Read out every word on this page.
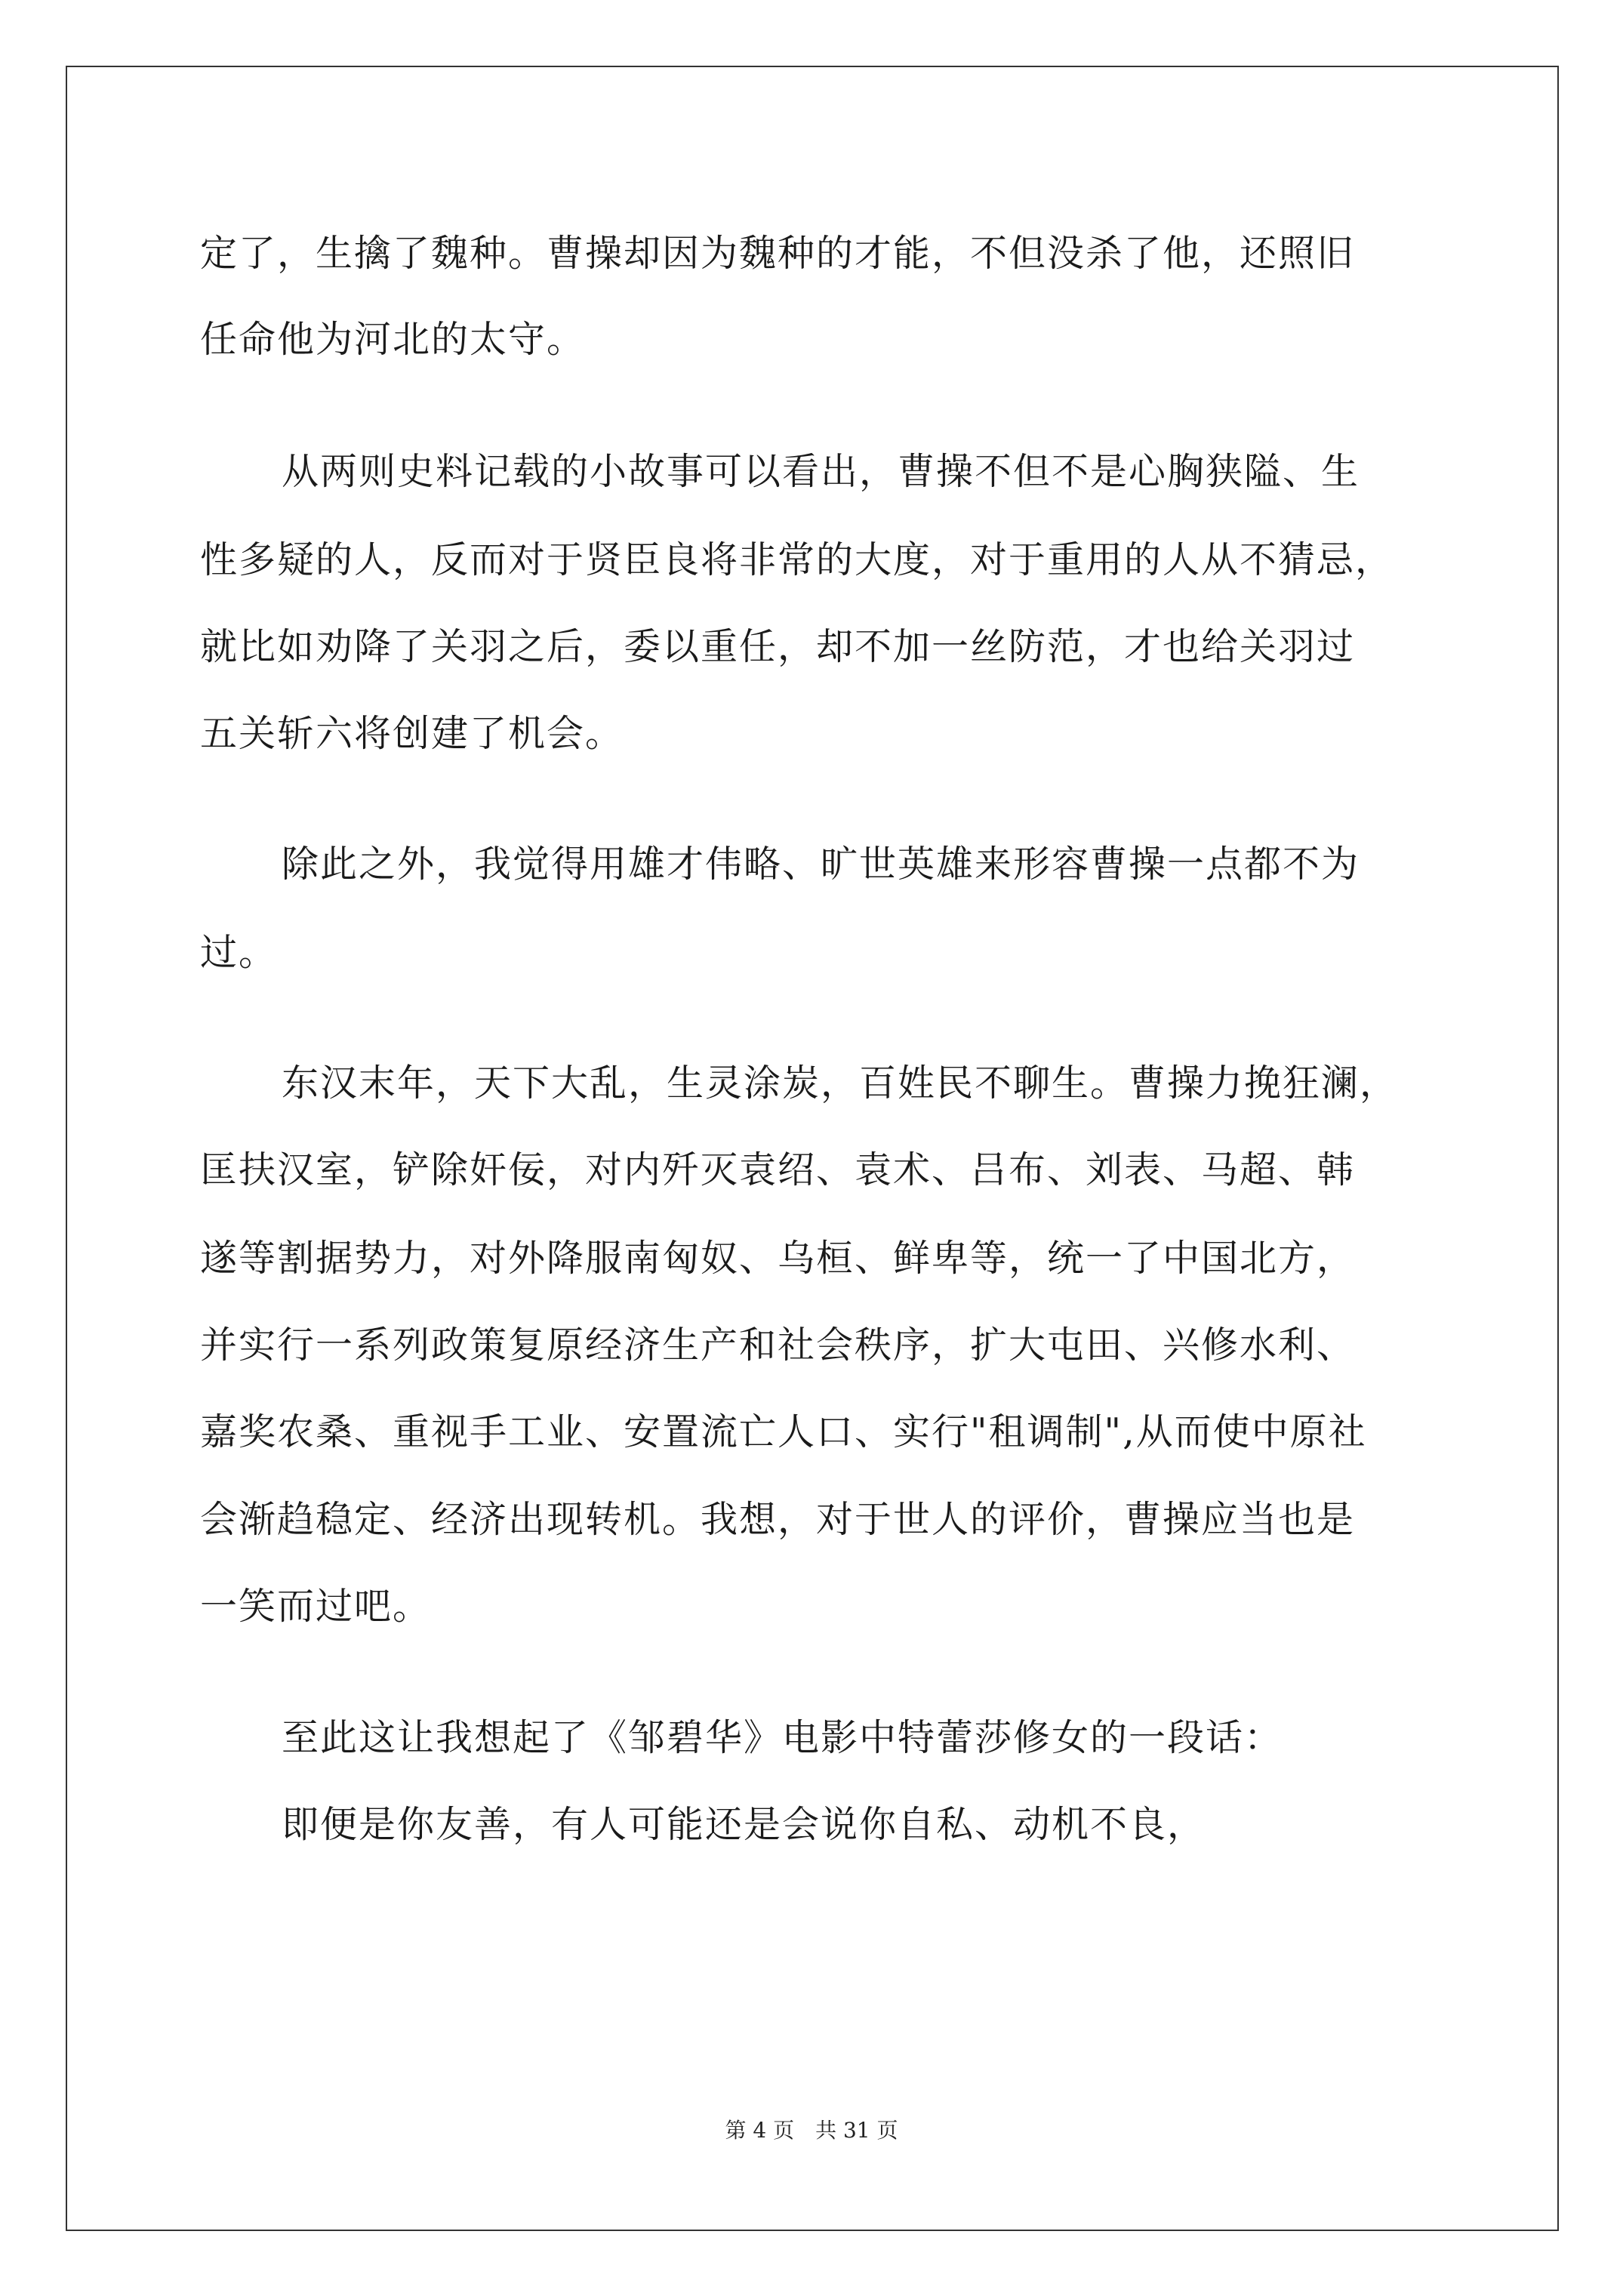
定了，生擒了魏种。曹操却因为魏种的才能，不但没杀了他，还照旧
任命他为河北的太守。
从两则史料记载的小故事可以看出，曹操不但不是心胸狭隘、生
性多疑的人，反而对于贤臣良将非常的大度，对于重用的人从不猜忌，
就比如劝降了关羽之后，委以重任，却不加一丝防范，才也给关羽过
五关斩六将创建了机会。
除此之外，我觉得用雄才伟略、旷世英雄来形容曹操一点都不为
过。
东汉末年，天下大乱，生灵涂炭，百姓民不聊生。曹操力挽狂澜，
匡扶汉室，铲除奸佞，对内歼灭袁绍、袁术、吕布、刘表、马超、韩
遂等割据势力，对外降服南匈奴、乌桓、鲜卑等，统一了中国北方，
并实行一系列政策复原经济生产和社会秩序，扩大屯田、兴修水利、
嘉奖农桑、重视手工业、安置流亡人口、实行"租调制",从而使中原社
会渐趋稳定、经济出现转机。我想，对于世人的评价，曹操应当也是
一笑而过吧。
至此这让我想起了《邹碧华》电影中特蕾莎修女的一段话：
即便是你友善，有人可能还是会说你自私、动机不良，
第 4 页　共 31 页
